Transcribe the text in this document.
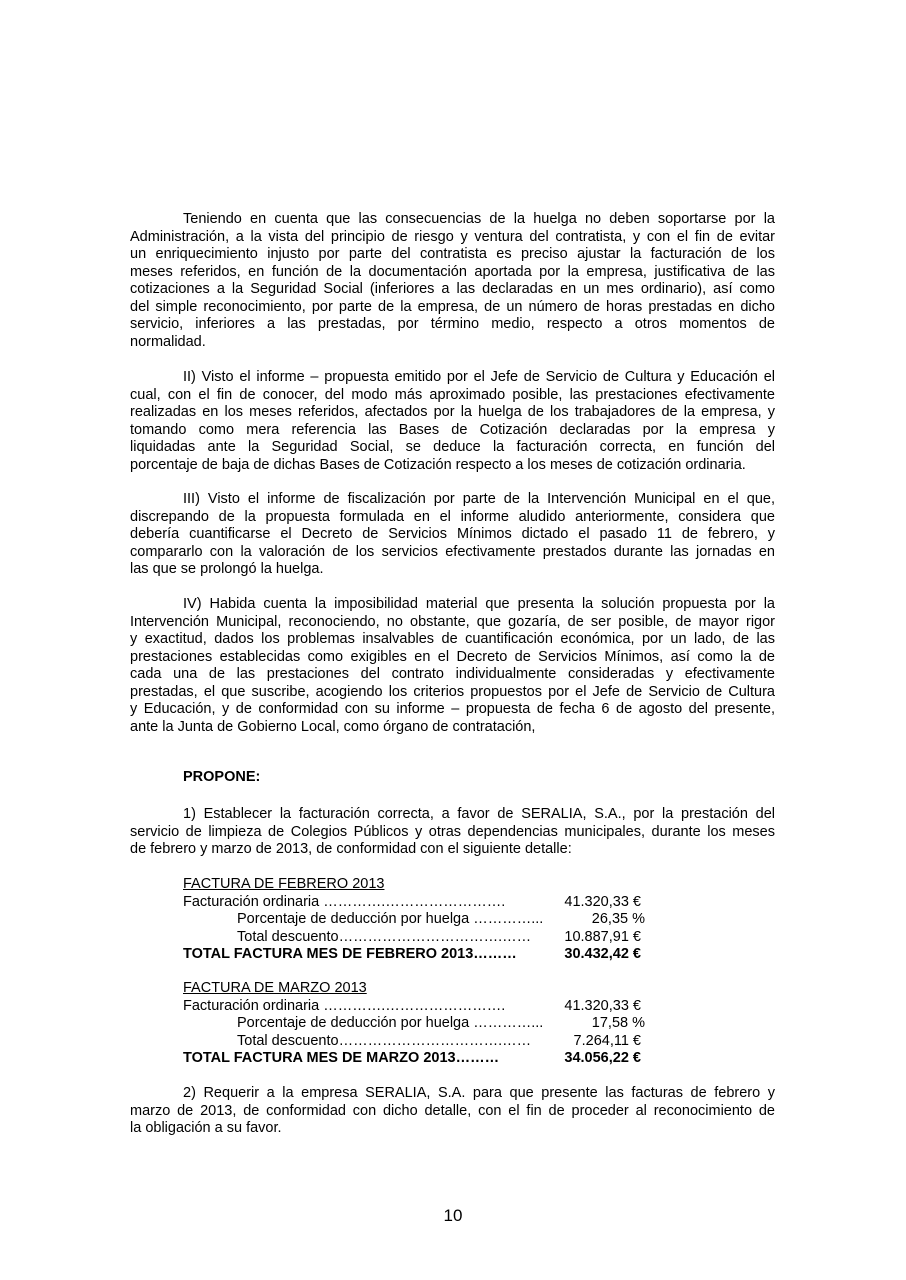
Teniendo en cuenta que las consecuencias de la huelga no deben soportarse por la
Administración, a la vista del principio de riesgo y ventura del contratista, y con el fin de evitar
un enriquecimiento injusto por parte del contratista es preciso ajustar la facturación de los
meses referidos, en función de la documentación aportada por la empresa, justificativa de las
cotizaciones a la Seguridad Social (inferiores a las declaradas en un mes ordinario), así como
del simple reconocimiento, por parte de la empresa, de un número de horas prestadas en dicho
servicio, inferiores a las prestadas, por término medio, respecto a otros momentos de
normalidad.
II) Visto el informe – propuesta emitido por el Jefe de Servicio de Cultura y Educación el
cual, con el fin de conocer, del modo más aproximado posible, las prestaciones efectivamente
realizadas en los meses referidos, afectados por la huelga de los trabajadores de la empresa, y
tomando como mera referencia las Bases de Cotización declaradas por la empresa y
liquidadas ante la Seguridad Social, se deduce la facturación correcta, en función del
porcentaje de baja de dichas Bases de Cotización respecto a los meses de cotización ordinaria.
III) Visto el informe de fiscalización por parte de la Intervención Municipal en el que,
discrepando de la propuesta formulada en el informe aludido anteriormente, considera que
debería cuantificarse el Decreto de Servicios Mínimos dictado el pasado 11 de febrero, y
compararlo con la valoración de los servicios efectivamente prestados durante las jornadas en
las que se prolongó la huelga.
IV) Habida cuenta la imposibilidad material que presenta la solución propuesta por la
Intervención Municipal, reconociendo, no obstante, que gozaría, de ser posible, de mayor rigor
y exactitud, dados los problemas insalvables de cuantificación económica, por un lado, de las
prestaciones establecidas como exigibles en el Decreto de Servicios Mínimos, así como la de
cada una de las prestaciones del contrato individualmente consideradas y efectivamente
prestadas, el que suscribe, acogiendo los criterios propuestos por el Jefe de Servicio de Cultura
y Educación, y de conformidad con su informe – propuesta de fecha 6 de agosto del presente,
ante la Junta de Gobierno Local, como órgano de contratación,
PROPONE:
1) Establecer la facturación correcta, a favor de SERALIA, S.A., por la prestación del
servicio de limpieza de Colegios Públicos y otras dependencias municipales, durante los meses
de febrero y marzo de 2013, de conformidad con el siguiente detalle:
FACTURA DE FEBRERO 2013
Facturación ordinaria ………….…………………….	41.320,33 €
Porcentaje de deducción por huelga …………...	26,35 %
Total descuento…………………………….…… 10.887,91 €
TOTAL FACTURA MES DE FEBRERO 2013………	30.432,42 €
FACTURA DE MARZO 2013
Facturación ordinaria ………….…………………….	41.320,33 €
Porcentaje de deducción por huelga …………...	17,58 %
Total descuento…………………………….……	7.264,11 €
TOTAL FACTURA MES DE MARZO 2013………	34.056,22 €
2) Requerir a la empresa SERALIA, S.A. para que presente las facturas de febrero y
marzo de 2013, de conformidad con dicho detalle, con el fin de proceder al reconocimiento de
la obligación a su favor.
10
